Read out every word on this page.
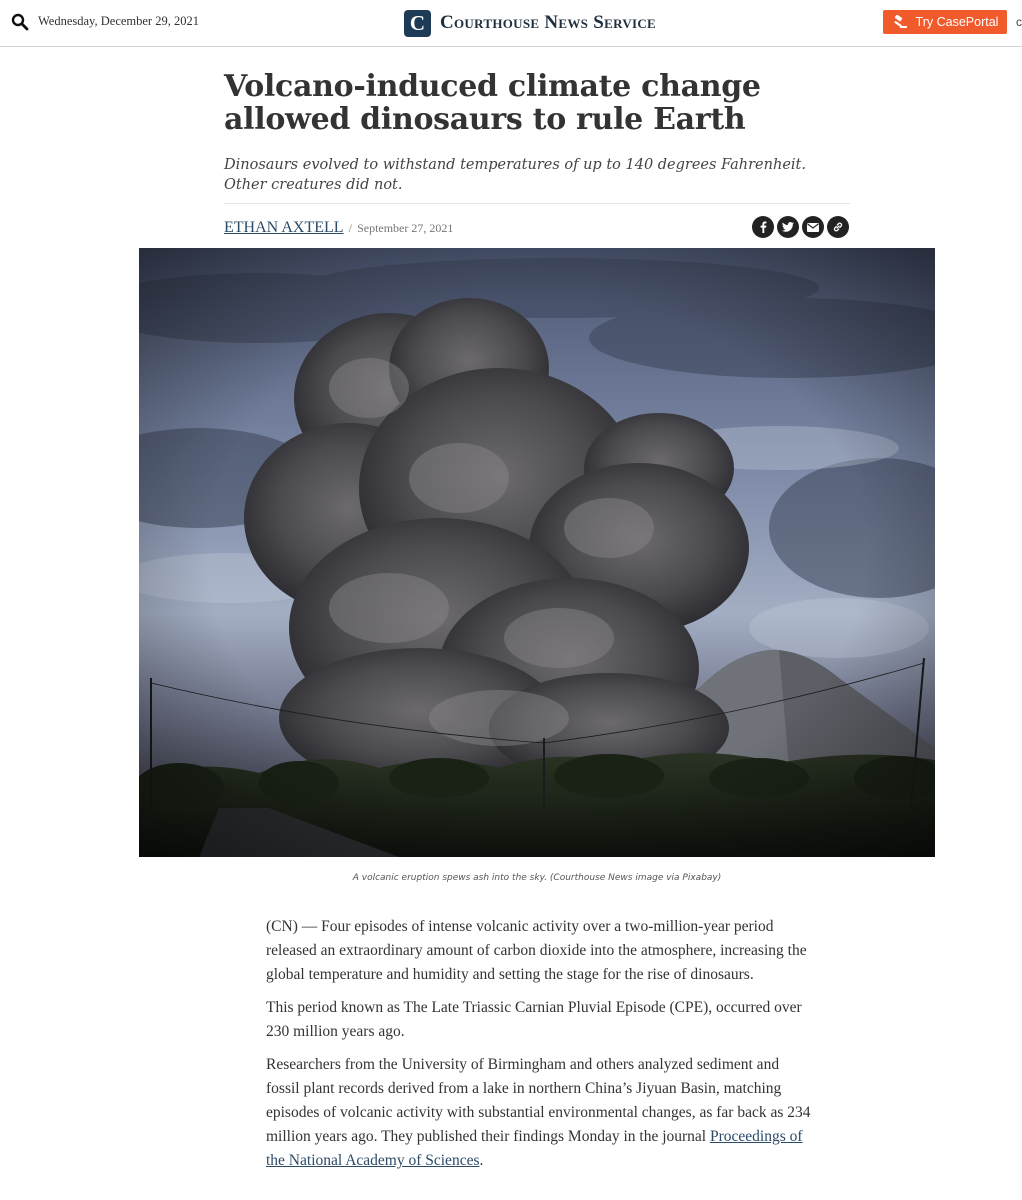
Wednesday, December 29, 2021	C Courthouse News Service	Try CasePortal c
Volcano-induced climate change allowed dinosaurs to rule Earth

Dinosaurs evolved to withstand temperatures of up to 140 degrees Fahrenheit. Other creatures did not.

ETHAN AXTELL / September 27, 2021
A volcanic eruption spews ash into the sky. (Courthouse News image via Pixabay)

(CN) — Four episodes of intense volcanic activity over a two-million-year period released an extraordinary amount of carbon dioxide into the atmosphere, increasing the global temperature and humidity and setting the stage for the rise of dinosaurs.

This period known as The Late Triassic Carnian Pluvial Episode (CPE), occurred over 230 million years ago.

Researchers from the University of Birmingham and others analyzed sediment and fossil plant records derived from a lake in northern China’s Jiyuan Basin, matching episodes of volcanic activity with substantial environmental changes, as far back as 234 million years ago. They published their findings Monday in the journal Proceedings of the National Academy of Sciences.
